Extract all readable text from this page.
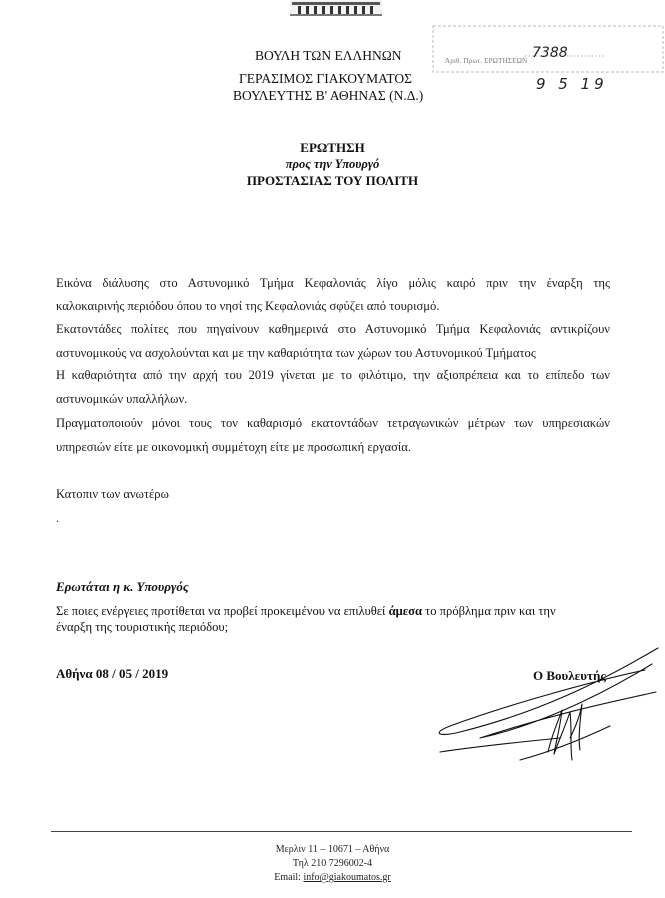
ΒΟΥΛΗ ΤΩΝ ΕΛΛΗΝΩΝ
ΓΕΡΑΣΙΜΟΣ ΓΙΑΚΟΥΜΑΤΟΣ
ΒΟΥΛΕΥΤΗΣ Β' ΑΘΗΝΑΣ (Ν.Δ.)
Αριθ. Πρωτ. ΕΡΩΤΗΣΕΩΝ 7388
9 5 19
ΕΡΩΤΗΣΗ
προς την Υπουργό
ΠΡΟΣΤΑΣΙΑΣ ΤΟΥ ΠΟΛΙΤΗ
Εικόνα διάλυσης στο Αστυνομικό Τμήμα Κεφαλονιάς λίγο μόλις καιρό πριν την έναρξη της
καλοκαιρινής περιόδου όπου το νησί της Κεφαλονιάς σφύζει από τουρισμό.
Εκατοντάδες πολίτες που πηγαίνουν καθημερινά στο Αστυνομικό Τμήμα Κεφαλονιάς αντικρίζουν
αστυνομικούς να ασχολούνται και με την καθαριότητα των χώρων του Αστυνομικού Τμήματος
Η καθαριότητα από την αρχή του 2019 γίνεται με το φιλότιμο, την αξιοπρέπεια και το επίπεδο των
αστυνομικών υπαλλήλων.
Πραγματοποιούν μόνοι τους τον καθαρισμό εκατοντάδων τετραγωνικών μέτρων των υπηρεσιακών
υπηρεσιών είτε με οικονομική συμμέτοχη είτε με προσωπική εργασία.
Κατοπιν των ανωτέρω
.
Ερωτάται η κ. Υπουργός
Σε ποιες ενέργειες προτίθεται να προβεί προκειμένου να επιλυθεί άμεσα το πρόβλημα πριν και την
έναρξη της τουριστικής περιόδου;
Αθήνα 08 / 05 / 2019	Ο Βουλευτής
Μερλιν 11 – 10671 – Αθήνα
Τηλ 210 7296002-4
Email: info@giakoumatos.gr
